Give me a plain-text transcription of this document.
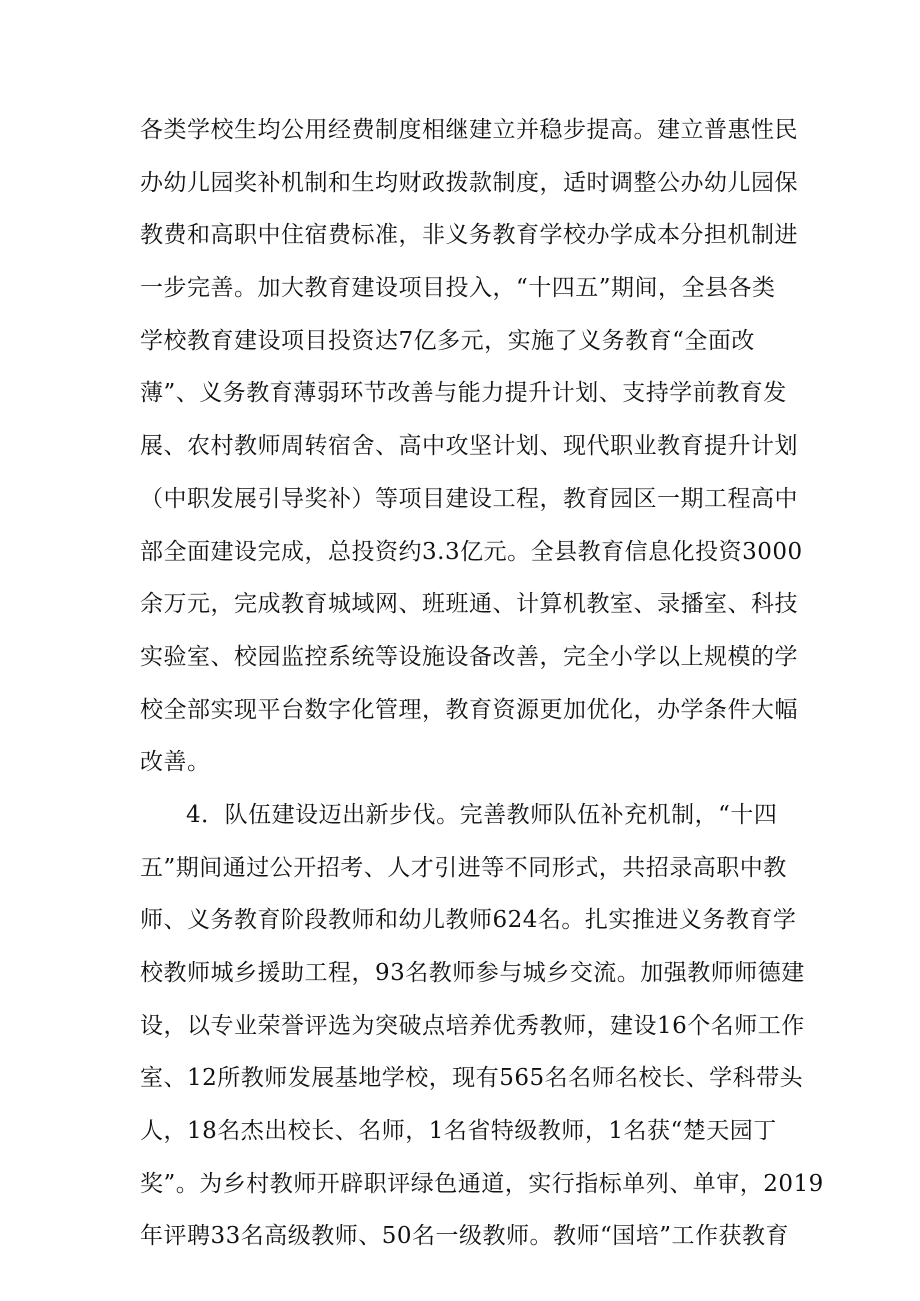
各类学校生均公用经费制度相继建立并稳步提高。建立普惠性民
办幼儿园奖补机制和生均财政拨款制度，适时调整公办幼儿园保
教费和高职中住宿费标准，非义务教育学校办学成本分担机制进
一步完善。加大教育建设项目投入，“十四五”期间，全县各类
学校教育建设项目投资达7亿多元，实施了义务教育“全面改
薄”、义务教育薄弱环节改善与能力提升计划、支持学前教育发
展、农村教师周转宿舍、高中攻坚计划、现代职业教育提升计划
（中职发展引导奖补）等项目建设工程，教育园区一期工程高中
部全面建设完成，总投资约3.3亿元。全县教育信息化投资3000
余万元，完成教育城域网、班班通、计算机教室、录播室、科技
实验室、校园监控系统等设施设备改善，完全小学以上规模的学
校全部实现平台数字化管理，教育资源更加优化，办学条件大幅
改善。
4．队伍建设迈出新步伐。完善教师队伍补充机制，“十四
五”期间通过公开招考、人才引进等不同形式，共招录高职中教
师、义务教育阶段教师和幼儿教师624名。扎实推进义务教育学
校教师城乡援助工程，93名教师参与城乡交流。加强教师师德建
设，以专业荣誉评选为突破点培养优秀教师，建设16个名师工作
室、12所教师发展基地学校，现有565名名师名校长、学科带头
人，18名杰出校长、名师，1名省特级教师，1名获“楚天园丁
奖”。为乡村教师开辟职评绿色通道，实行指标单列、单审，2019
年评聘33名高级教师、50名一级教师。教师“国培”工作获教育
